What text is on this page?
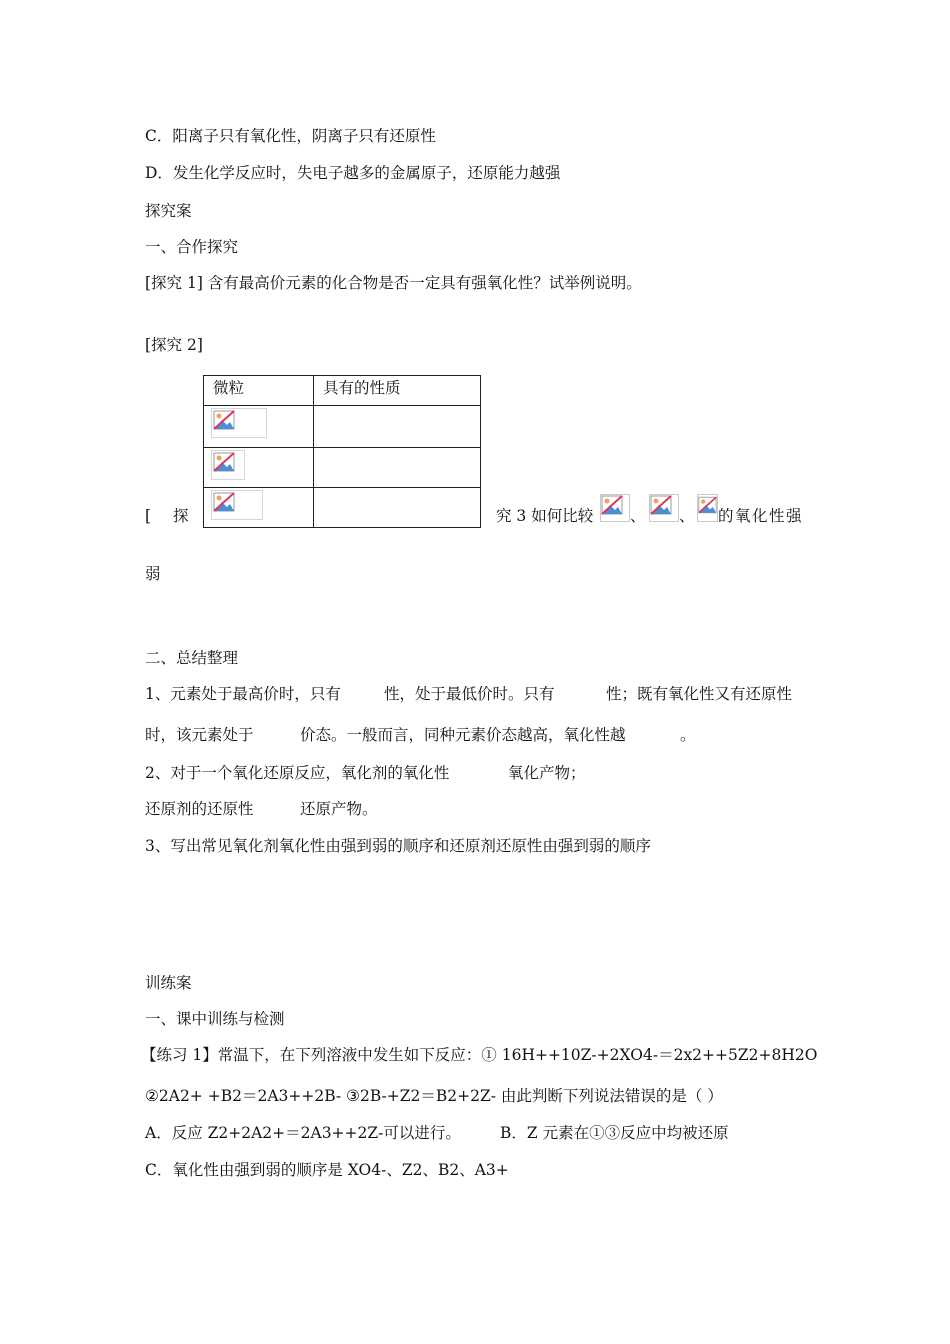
C．阳离子只有氧化性，阴离子只有还原性
D．发生化学反应时，失电子越多的金属原子，还原能力越强
探究案
一、合作探究
[探究 1] 含有最高价元素的化合物是否一定具有强氧化性？试举例说明。
[探究 2]
微粒	具有的性质

[ 探	究 3 如何比较 、 、 的氧化性强
弱
二、总结整理
1、元素处于最高价时，只有	性，处于最低价时。只有	性；既有氧化性又有还原性
时，该元素处于	价态。一般而言，同种元素价态越高，氧化性越	。
2、对于一个氧化还原反应，氧化剂的氧化性	氧化产物；
还原剂的还原性	还原产物。
3、写出常见氧化剂氧化性由强到弱的顺序和还原剂还原性由强到弱的顺序
训练案
一、课中训练与检测
【练习 1】常温下，在下列溶液中发生如下反应：① 16H++10Z-+2XO4-＝2x2++5Z2+8H2O
②2A2+ +B2＝2A3++2B- ③2B-+Z2＝B2+2Z- 由此判断下列说法错误的是（ ）
A．反应 Z2+2A2+＝2A3++2Z-可以进行。	B．Z 元素在①③反应中均被还原
C．氧化性由强到弱的顺序是 XO4-、Z2、B2、A3+
